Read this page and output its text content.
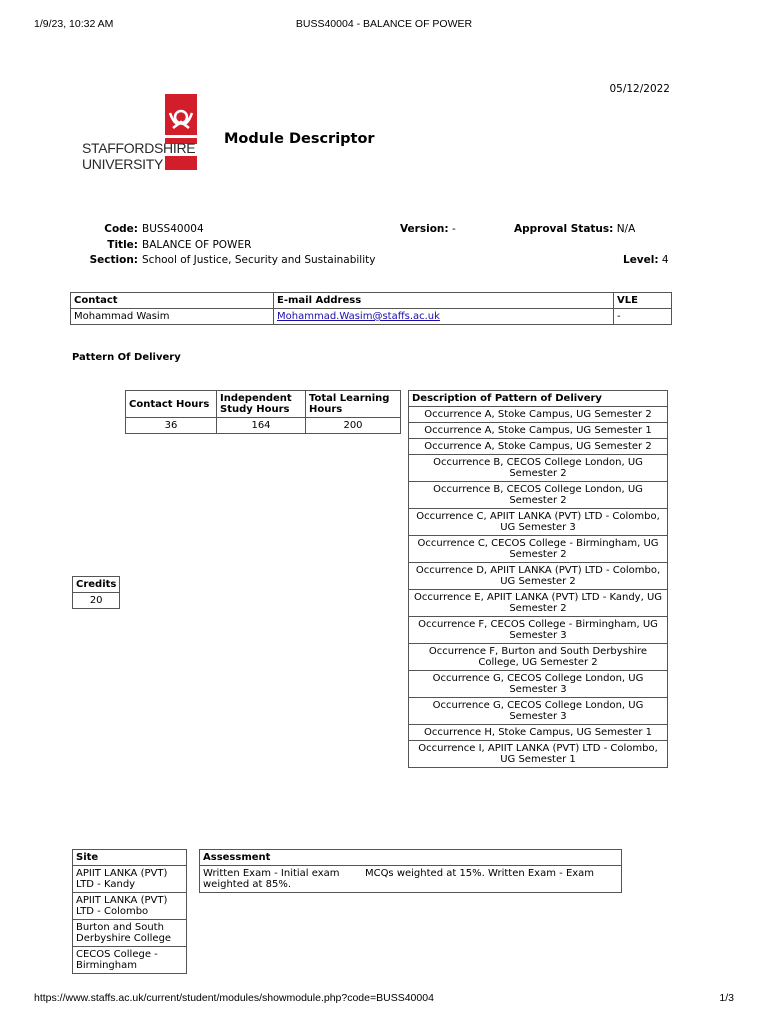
1/9/23, 10:32 AM	BUSS40004 - BALANCE OF POWER
05/12/2022
STAFFORDSHIRE
UNIVERSITY
Module Descriptor
Code: BUSS40004
Title: BALANCE OF POWER
Section: School of Justice, Security and Sustainability
Version: -	Approval Status: N/A
Level: 4
Contact	E-mail Address	VLE
Mohammad Wasim	Mohammad.Wasim@staffs.ac.uk	-
Pattern Of Delivery
Contact Hours	Independent Study Hours	Total Learning Hours
36	164	200
Credits
20
Description of Pattern of Delivery
Occurrence A, Stoke Campus, UG Semester 2
Occurrence A, Stoke Campus, UG Semester 1
Occurrence A, Stoke Campus, UG Semester 2
Occurrence B, CECOS College London, UG Semester 2
Occurrence B, CECOS College London, UG Semester 2
Occurrence C, APIIT LANKA (PVT) LTD - Colombo, UG Semester 3
Occurrence C, CECOS College - Birmingham, UG Semester 2
Occurrence D, APIIT LANKA (PVT) LTD - Colombo, UG Semester 2
Occurrence E, APIIT LANKA (PVT) LTD - Kandy, UG Semester 2
Occurrence F, CECOS College - Birmingham, UG Semester 3
Occurrence F, Burton and South Derbyshire College, UG Semester 2
Occurrence G, CECOS College London, UG Semester 3
Occurrence G, CECOS College London, UG Semester 3
Occurrence H, Stoke Campus, UG Semester 1
Occurrence I, APIIT LANKA (PVT) LTD - Colombo, UG Semester 1
Site
APIIT LANKA (PVT) LTD - Kandy
APIIT LANKA (PVT) LTD - Colombo
Burton and South Derbyshire College
CECOS College - Birmingham
Assessment
Written Exam - Initial exam        MCQs weighted at 15%. Written Exam - Exam weighted at 85%.
https://www.staffs.ac.uk/current/student/modules/showmodule.php?code=BUSS40004	1/3
